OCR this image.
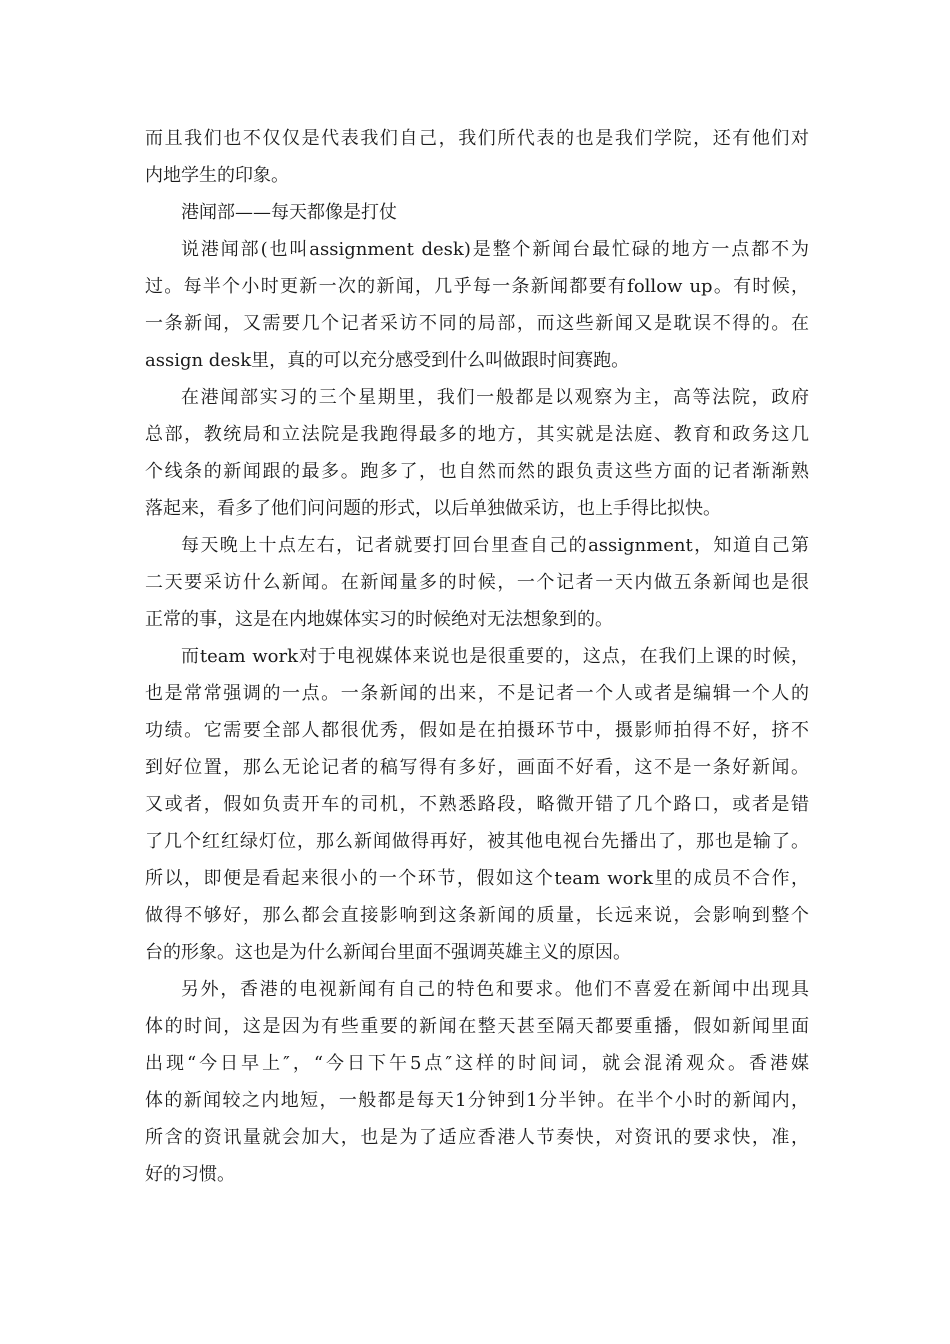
而且我们也不仅仅是代表我们自己，我们所代表的也是我们学院，还有他们对
内地学生的印象。
港闻部——每天都像是打仗
说港闻部(也叫assignment desk)是整个新闻台最忙碌的地方一点都不为
过。每半个小时更新一次的新闻，几乎每一条新闻都要有follow up。有时候，
一条新闻，又需要几个记者采访不同的局部，而这些新闻又是耽误不得的。在
assign desk里，真的可以充分感受到什么叫做跟时间赛跑。
在港闻部实习的三个星期里，我们一般都是以观察为主，高等法院，政府
总部，教统局和立法院是我跑得最多的地方，其实就是法庭、教育和政务这几
个线条的新闻跟的最多。跑多了，也自然而然的跟负责这些方面的记者渐渐熟
落起来，看多了他们问问题的形式，以后单独做采访，也上手得比拟快。
每天晚上十点左右，记者就要打回台里查自己的assignment，知道自己第
二天要采访什么新闻。在新闻量多的时候，一个记者一天内做五条新闻也是很
正常的事，这是在内地媒体实习的时候绝对无法想象到的。
而team work对于电视媒体来说也是很重要的，这点，在我们上课的时候，
也是常常强调的一点。一条新闻的出来，不是记者一个人或者是编辑一个人的
功绩。它需要全部人都很优秀，假如是在拍摄环节中，摄影师拍得不好，挤不
到好位置，那么无论记者的稿写得有多好，画面不好看，这不是一条好新闻。
又或者，假如负责开车的司机，不熟悉路段，略微开错了几个路口，或者是错
了几个红红绿灯位，那么新闻做得再好，被其他电视台先播出了，那也是输了。
所以，即便是看起来很小的一个环节，假如这个team work里的成员不合作，
做得不够好，那么都会直接影响到这条新闻的质量，长远来说，会影响到整个
台的形象。这也是为什么新闻台里面不强调英雄主义的原因。
另外，香港的电视新闻有自己的特色和要求。他们不喜爱在新闻中出现具
体的时间，这是因为有些重要的新闻在整天甚至隔天都要重播，假如新闻里面
出现“今日早上″，“今日下午5点″这样的时间词，就会混淆观众。香港媒
体的新闻较之内地短，一般都是每天1分钟到1分半钟。在半个小时的新闻内，
所含的资讯量就会加大，也是为了适应香港人节奏快，对资讯的要求快，准，
好的习惯。
